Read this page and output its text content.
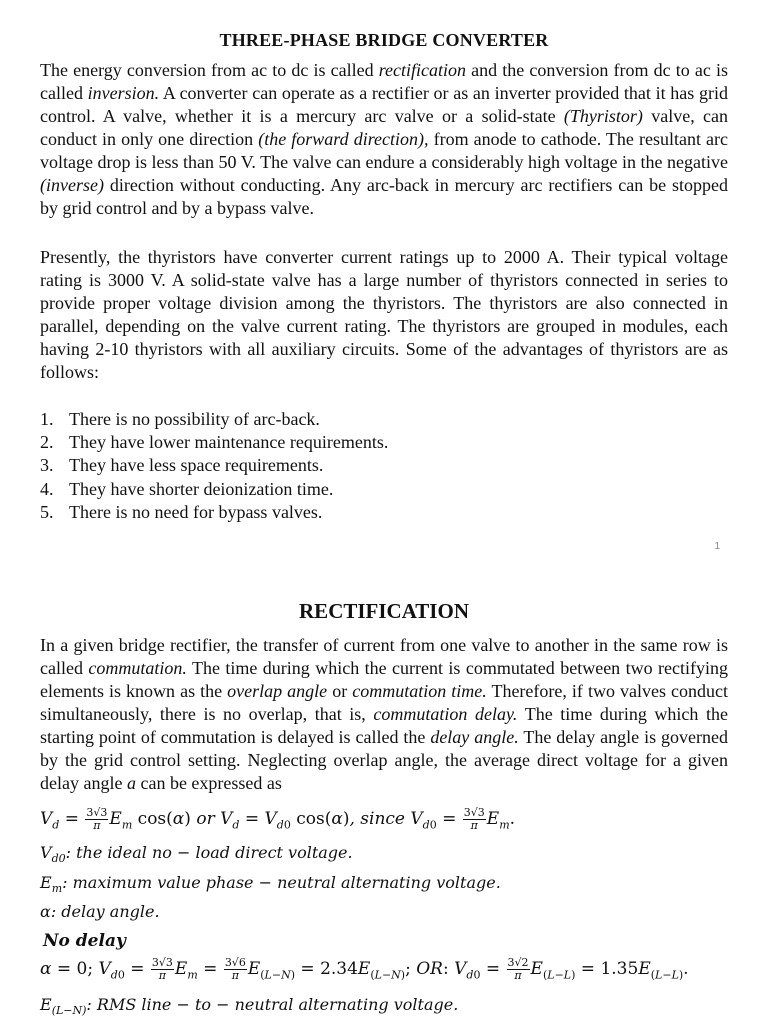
THREE-PHASE BRIDGE CONVERTER

The energy conversion from ac to dc is called rectification and the conversion from dc to ac is called inversion. A converter can operate as a rectifier or as an inverter provided that it has grid control. A valve, whether it is a mercury arc valve or a solid-state (Thyristor) valve, can conduct in only one direction (the forward direction), from anode to cathode. The resultant arc voltage drop is less than 50 V. The valve can endure a considerably high voltage in the negative (inverse) direction without conducting. Any arc-back in mercury arc rectifiers can be stopped by grid control and by a bypass valve.

Presently, the thyristors have converter current ratings up to 2000 A. Their typical voltage rating is 3000 V. A solid-state valve has a large number of thyristors connected in series to provide proper voltage division among the thyristors. The thyristors are also connected in parallel, depending on the valve current rating. The thyristors are grouped in modules, each having 2-10 thyristors with all auxiliary circuits. Some of the advantages of thyristors are as follows:

1. There is no possibility of arc-back.
2. They have lower maintenance requirements.
3. They have less space requirements.
4. They have shorter deionization time.
5. There is no need for bypass valves.
1
RECTIFICATION

In a given bridge rectifier, the transfer of current from one valve to another in the same row is called commutation. The time during which the current is commutated between two rectifying elements is known as the overlap angle or commutation time. Therefore, if two valves conduct simultaneously, there is no overlap, that is, commutation delay. The time during which the starting point of commutation is delayed is called the delay angle. The delay angle is governed by the grid control setting. Neglecting overlap angle, the average direct voltage for a given delay angle a can be expressed as

$V_d = \frac{3√3}{\pi} E_m$ cos(α) or $V_d = V_{d0}$ cos(α), since $V_{d0} = \frac{3√3}{\pi} E_m$.
$V_{d0}$: the ideal no − load direct voltage.
$E_m$: maximum value phase − neutral alternating voltage.
α: delay angle.
No delay
α = 0; $V_{d0} = \frac{3√3}{\pi} E_m = \frac{3√6}{\pi} E_{(L-N)} = 2.34E_{(L-N)}$; OR: $V_{d0} = \frac{3√2}{\pi} E_{(L-L)} = 1.35E_{(L-L)}$.
$E_{(L-N)}$: RMS line − to − neutral alternating voltage.
